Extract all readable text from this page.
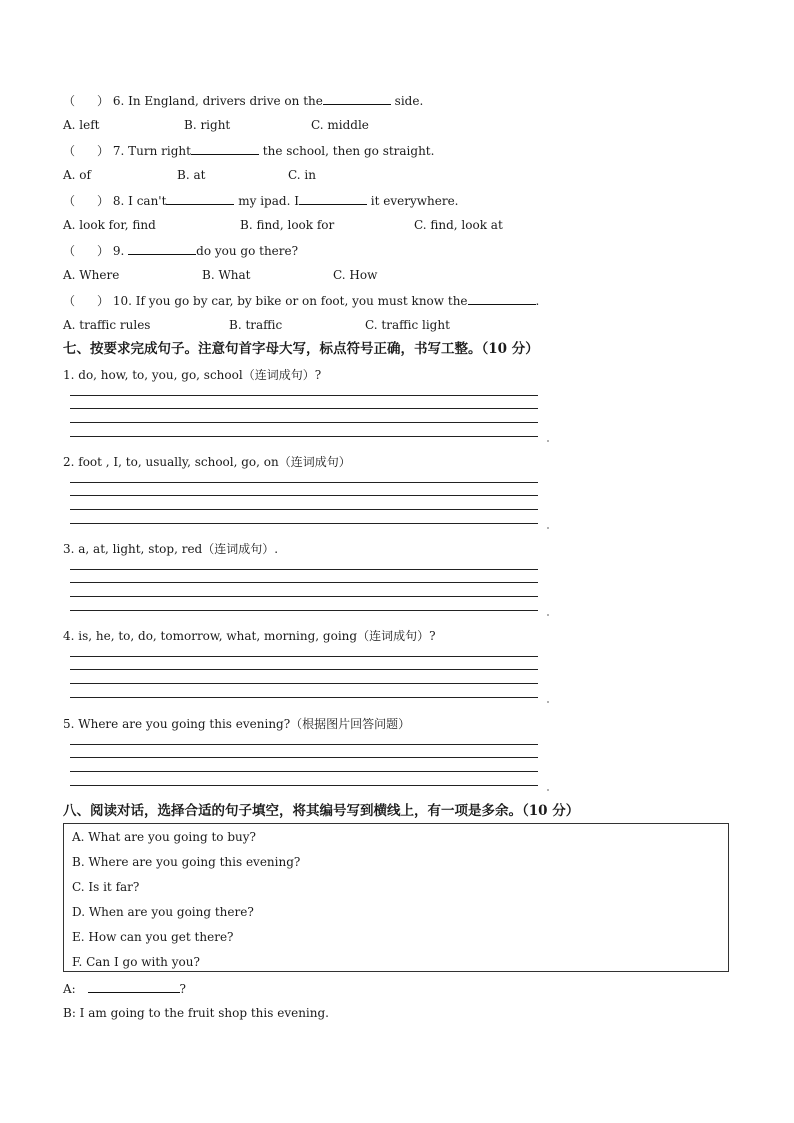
（ ） 6. In England, drivers drive on the	side.
A. left	B. right	C. middle
（ ） 7. Turn right	the school, then go straight.
A. of	B. at	C. in
（ ） 8. I can't	my ipad. I	it everywhere.
A. look for, find	B. find, look for	C. find, look at
（ ） 9.	do you go there?
A. Where	B. What	C. How
（ ） 10. If you go by car, by bike or on foot, you must know the	.
A. traffic rules	B. traffic	C. traffic light
七、按要求完成句子。注意句首字母大写，标点符号正确，书写工整。（10 分）
1. do, how, to, you, go, school（连词成句）?
2. foot , I, to, usually, school, go, on（连词成句）
3. a, at, light, stop, red（连词成句）.
4. is, he, to, do, tomorrow, what, morning, going（连词成句）?
5. Where are you going this evening?（根据图片回答问题）
八、阅读对话，选择合适的句子填空，将其编号写到横线上，有一项是多余。（10 分）
A. What are you going to buy?
B. Where are you going this evening?
C. Is it far?
D. When are you going there?
E. How can you get there?
F. Can I go with you?
A:	?
B: I am going to the fruit shop this evening.
